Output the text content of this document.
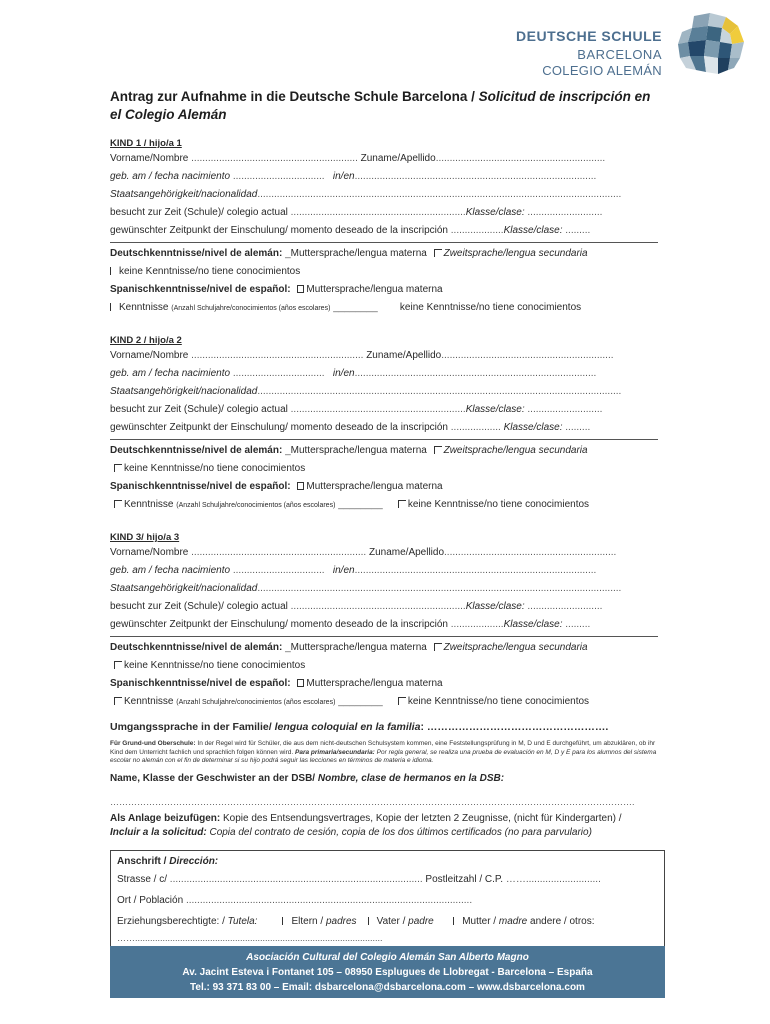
DEUTSCHE SCHULE
BARCELONA
COLEGIO ALEMÁN
Antrag zur Aufnahme in die Deutsche Schule Barcelona / Solicitud de inscripción en el Colegio Alemán
KIND 1 / hijo/a 1
Vorname/Nombre ............................................................ Zuname/Apellido.............................................................
geb. am / fecha nacimiento ................................. in/en.......................................................................................
Staatsangehörigkeit/nacionalidad...................................................................................................................................
besucht zur Zeit (Schule)/ colegio actual ...............................................................Klasse/clase: ...........................
gewünschter Zeitpunkt der Einschulung/ momento deseado de la inscripción ...................Klasse/clase: .........
Deutschkenntnisse/nivel de alemán: _Muttersprache/lengua materna Zweitsprache/lengua secundaria
keine Kenntnisse/no tiene conocimientos
Spanischkenntnisse/nivel de español: Muttersprache/lengua materna
Kenntnisse (Anzahl Schuljahre/conocimientos (años escolares) ________ keine Kenntnisse/no tiene conocimientos
KIND 2 / hijo/a 2
Vorname/Nombre .............................................................. Zuname/Apellido..............................................................
geb. am / fecha nacimiento ................................. in/en.......................................................................................
Staatsangehörigkeit/nacionalidad...................................................................................................................................
besucht zur Zeit (Schule)/ colegio actual ...............................................................Klasse/clase: ...........................
gewünschter Zeitpunkt der Einschulung/ momento deseado de la inscripción .................. Klasse/clase: .........
Deutschkenntnisse/nivel de alemán: _Muttersprache/lengua materna Zweitsprache/lengua secundaria
keine Kenntnisse/no tiene conocimientos
Spanischkenntnisse/nivel de español: Muttersprache/lengua materna
Kenntnisse (Anzahl Schuljahre/conocimientos (años escolares) ________	keine Kenntnisse/no tiene conocimientos
KIND 3/ hijo/a 3
Vorname/Nombre ............................................................... Zuname/Apellido..............................................................
geb. am / fecha nacimiento ................................. in/en.......................................................................................
Staatsangehörigkeit/nacionalidad...................................................................................................................................
besucht zur Zeit (Schule)/ colegio actual ...............................................................Klasse/clase: ...........................
gewünschter Zeitpunkt der Einschulung/ momento deseado de la inscripción ...................Klasse/clase: .........
Deutschkenntnisse/nivel de alemán: _Muttersprache/lengua materna Zweitsprache/lengua secundaria
keine Kenntnisse/no tiene conocimientos
Spanischkenntnisse/nivel de español: Muttersprache/lengua materna
Kenntnisse (Anzahl Schuljahre/conocimientos (años escolares) ________	keine Kenntnisse/no tiene conocimientos
Umgangssprache in der Familie/ lengua coloquial en la familia: …………………………………………….
Für Grund-und Oberschule: In der Regel wird für Schüler, die aus dem nicht-deutschen Schulsystem kommen, eine Feststellungsprüfung in M, D und E durchgeführt, um abzuklären, ob ihr Kind dem Unterricht fachlich und sprachlich folgen können wird. Para primaria/secundaria: Por regla general, se realiza una prueba de evaluación en M, D y E para los alumnos del sistema escolar no alemán con el fin de determinar si su hijo podrá seguir las lecciones en términos de materia e idioma.
Name, Klasse der Geschwister an der DSB/ Nombre, clase de hermanos en la DSB:
………………………………………………………………………………………………………………………………………………………….
Als Anlage beizufügen: Kopie des Entsendungsvertrages, Kopie der letzten 2 Zeugnisse, (nicht für Kindergarten) /
Incluir a la solicitud: Copia del contrato de cesión, copia de los dos últimos certificados (no para parvulario)
Anschrift / Dirección:
Strasse / c/ ........................................................................................... Postleitzahl / C.P. ……...........................
Ort / Población .......................................................................................................
Erziehungsberechtigte: / Tutela:	Eltern / padres Vater / padre	Mutter / madre andere / otros:
……...................................................................................................
Asociación Cultural del Colegio Alemán San Alberto Magno
Av. Jacint Esteva i Fontanet 105 – 08950 Esplugues de Llobregat - Barcelona – España
Tel.: 93 371 83 00 – Email: dsbarcelona@dsbarcelona.com – www.dsbarcelona.com
